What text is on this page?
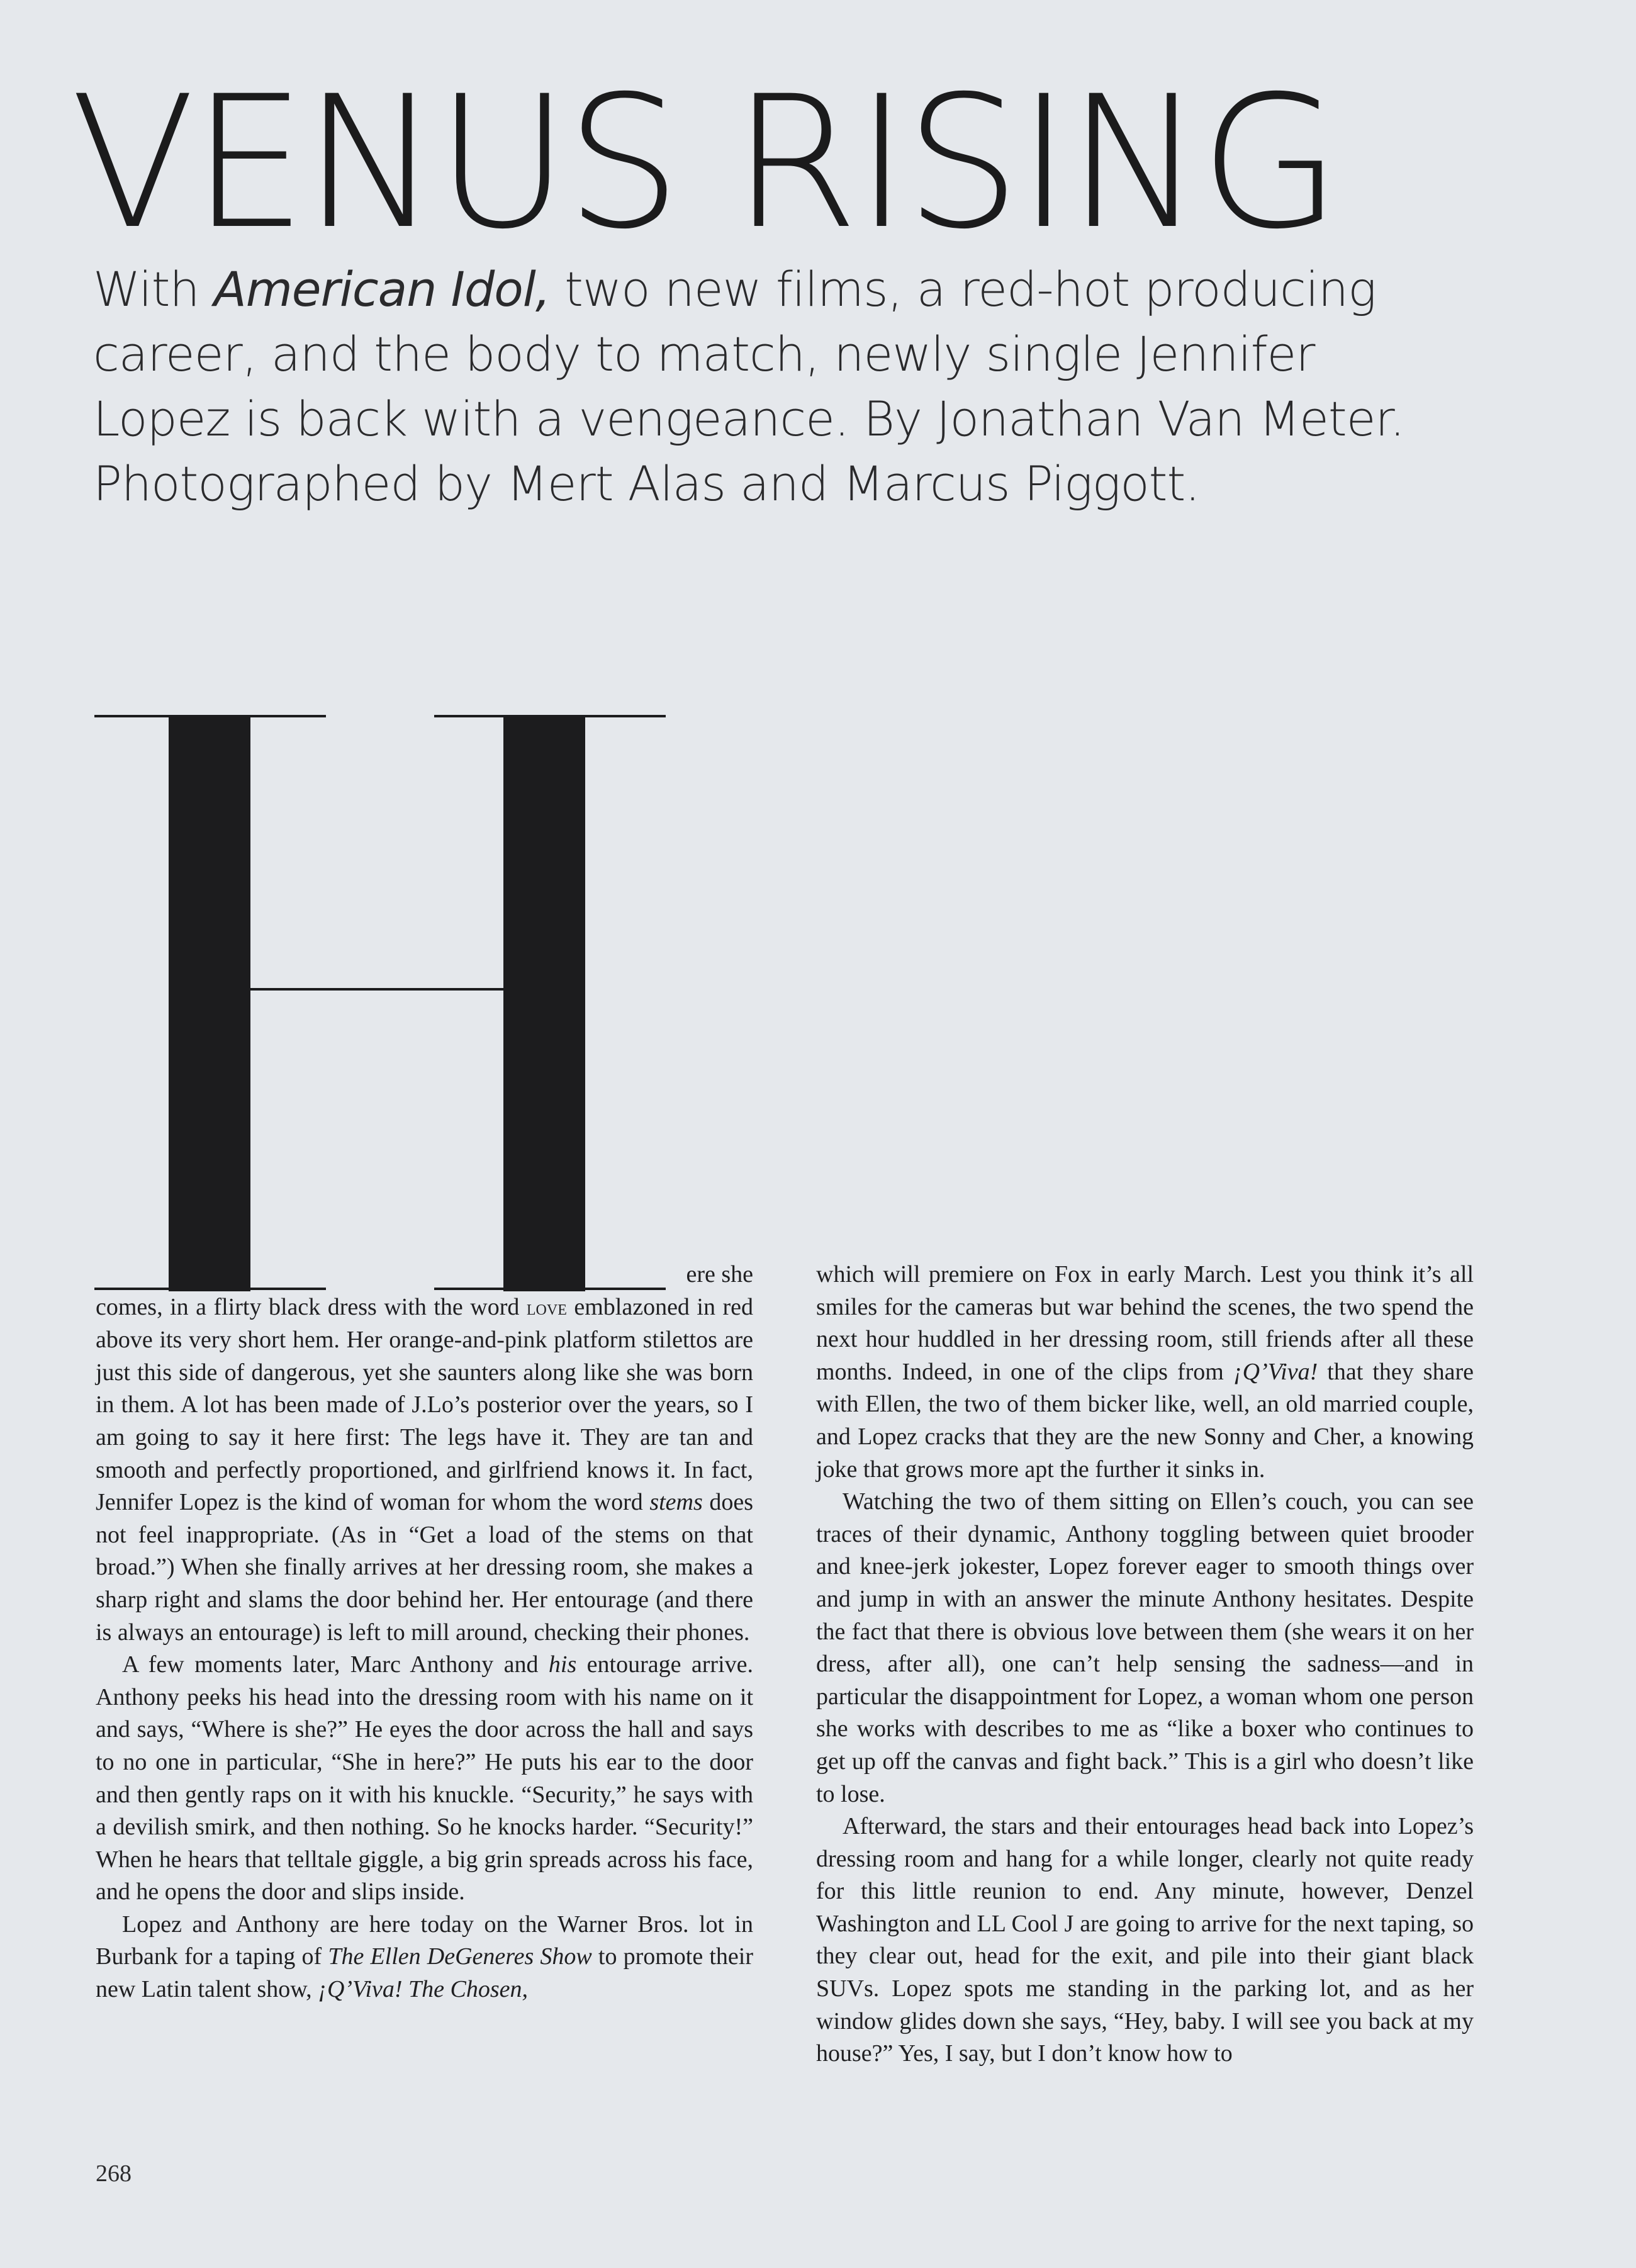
VENUS RISING
With American Idol, two new films, a red-hot producing career, and the body to match, newly single Jennifer Lopez is back with a vengeance. By Jonathan Van Meter. Photographed by Mert Alas and Marcus Piggott.
ere she

comes, in a flirty black dress with the word love emblazoned in red above its very short hem. Her orange-and-pink platform stilettos are just this side of dangerous, yet she saunters along like she was born in them. A lot has been made of J.Lo’s posterior over the years, so I am going to say it here first: The legs have it. They are tan and smooth and perfectly proportioned, and girlfriend knows it. In fact, Jennifer Lopez is the kind of woman for whom the word stems does not feel inappropriate. (As in “Get a load of the stems on that broad.”) When she finally arrives at her dressing room, she makes a sharp right and slams the door behind her. Her entourage (and there is always an entourage) is left to mill around, checking their phones.

A few moments later, Marc Anthony and his entourage arrive. Anthony peeks his head into the dressing room with his name on it and says, “Where is she?” He eyes the door across the hall and says to no one in particular, “She in here?” He puts his ear to the door and then gently raps on it with his knuckle. “Security,” he says with a devilish smirk, and then nothing. So he knocks harder. “Security!” When he hears that telltale giggle, a big grin spreads across his face, and he opens the door and slips inside.

Lopez and Anthony are here today on the Warner Bros. lot in Burbank for a taping of The Ellen DeGeneres Show to promote their new Latin talent show, ¡Q’Viva! The Chosen,

which will premiere on Fox in early March. Lest you think it’s all smiles for the cameras but war behind the scenes, the two spend the next hour huddled in her dressing room, still friends after all these months. Indeed, in one of the clips from ¡Q’Viva! that they share with Ellen, the two of them bicker like, well, an old married couple, and Lopez cracks that they are the new Sonny and Cher, a knowing joke that grows more apt the further it sinks in.

Watching the two of them sitting on Ellen’s couch, you can see traces of their dynamic, Anthony toggling between quiet brooder and knee-jerk jokester, Lopez forever eager to smooth things over and jump in with an answer the minute Anthony hesitates. Despite the fact that there is obvious love between them (she wears it on her dress, after all), one can’t help sensing the sadness—and in particular the disappointment for Lopez, a woman whom one person she works with describes to me as “like a boxer who continues to get up off the canvas and fight back.” This is a girl who doesn’t like to lose.

Afterward, the stars and their entourages head back into Lopez’s dressing room and hang for a while longer, clearly not quite ready for this little reunion to end. Any minute, however, Denzel Washington and LL Cool J are going to arrive for the next taping, so they clear out, head for the exit, and pile into their giant black SUVs. Lopez spots me standing in the parking lot, and as her window glides down she says, “Hey, baby. I will see you back at my house?” Yes, I say, but I don’t know how to

268
